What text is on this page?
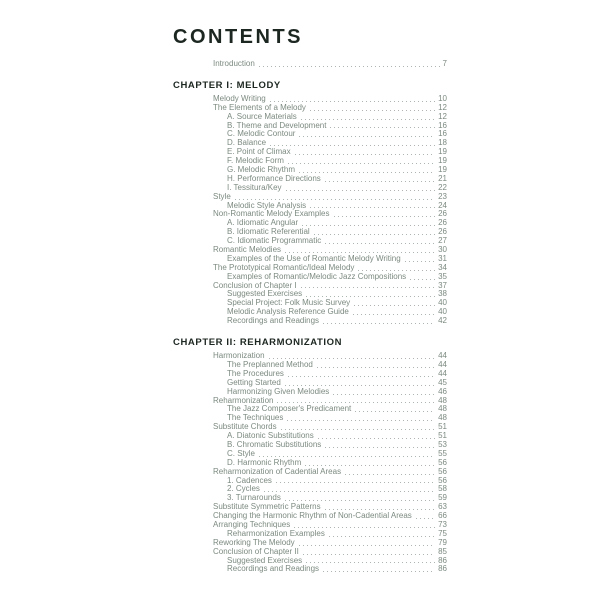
CONTENTS
Introduction	7
CHAPTER I: MELODY
Melody Writing	10
The Elements of a Melody	12
A. Source Materials	12
B. Theme and Development	16
C. Melodic Contour	16
D. Balance	18
E. Point of Climax	19
F. Melodic Form	19
G. Melodic Rhythm	19
H. Performance Directions	21
I. Tessitura/Key	22
Style	23
Melodic Style Analysis	24
Non-Romantic Melody Examples	26
A. Idiomatic Angular	26
B. Idiomatic Referential	26
C. Idiomatic Programmatic	27
Romantic Melodies	30
Examples of the Use of Romantic Melody Writing	31
The Prototypical Romantic/Ideal Melody	34
Examples of Romantic/Melodic Jazz Compositions	35
Conclusion of Chapter I	37
Suggested Exercises	38
Special Project: Folk Music Survey	40
Melodic Analysis Reference Guide	40
Recordings and Readings	42
CHAPTER II: REHARMONIZATION
Harmonization	44
The Preplanned Method	44
The Procedures	44
Getting Started	45
Harmonizing Given Melodies	46
Reharmonization	48
The Jazz Composer's Predicament	48
The Techniques	48
Substitute Chords	51
A. Diatonic Substitutions	51
B. Chromatic Substitutions	53
C. Style	55
D. Harmonic Rhythm	56
Reharmonization of Cadential Areas	56
1. Cadences	56
2. Cycles	58
3. Turnarounds	59
Substitute Symmetric Patterns	63
Changing the Harmonic Rhythm of Non-Cadential Areas	66
Arranging Techniques	73
Reharmonization Examples	75
Reworking The Melody	79
Conclusion of Chapter II	85
Suggested Exercises	86
Recordings and Readings	86
